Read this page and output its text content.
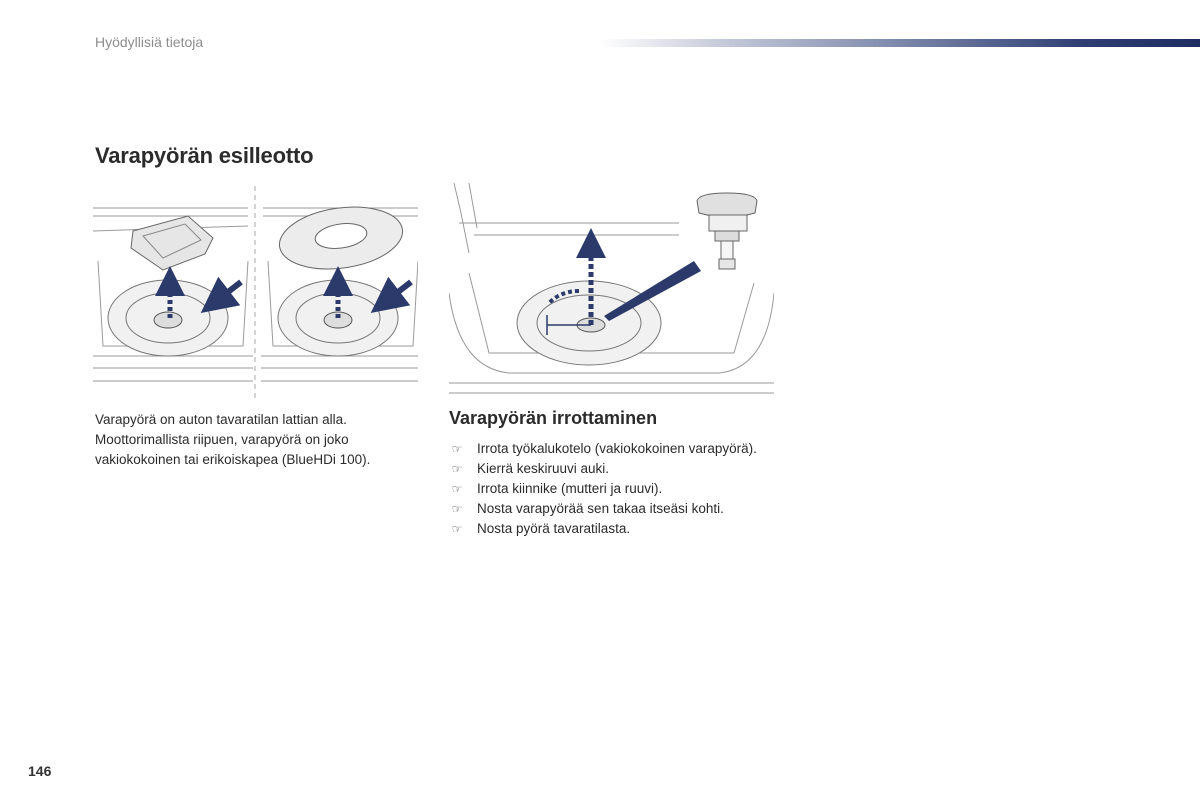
Hyödyllisiä tietoja
Varapyörän esilleotto

Varapyörä on auton tavaratilan lattian alla. Moottorimallista riipuen, varapyörä on joko vakiokokoinen tai erikoiskapea (BlueHDi 100).

Varapyörän irrottaminen
☞ Irrota työkalukotelo (vakiokokoinen varapyörä).
☞ Kierrä keskiruuvi auki.
☞ Irrota kiinnike (mutteri ja ruuvi).
☞ Nosta varapyörää sen takaa itseäsi kohti.
☞ Nosta pyörä tavaratilasta.
146
